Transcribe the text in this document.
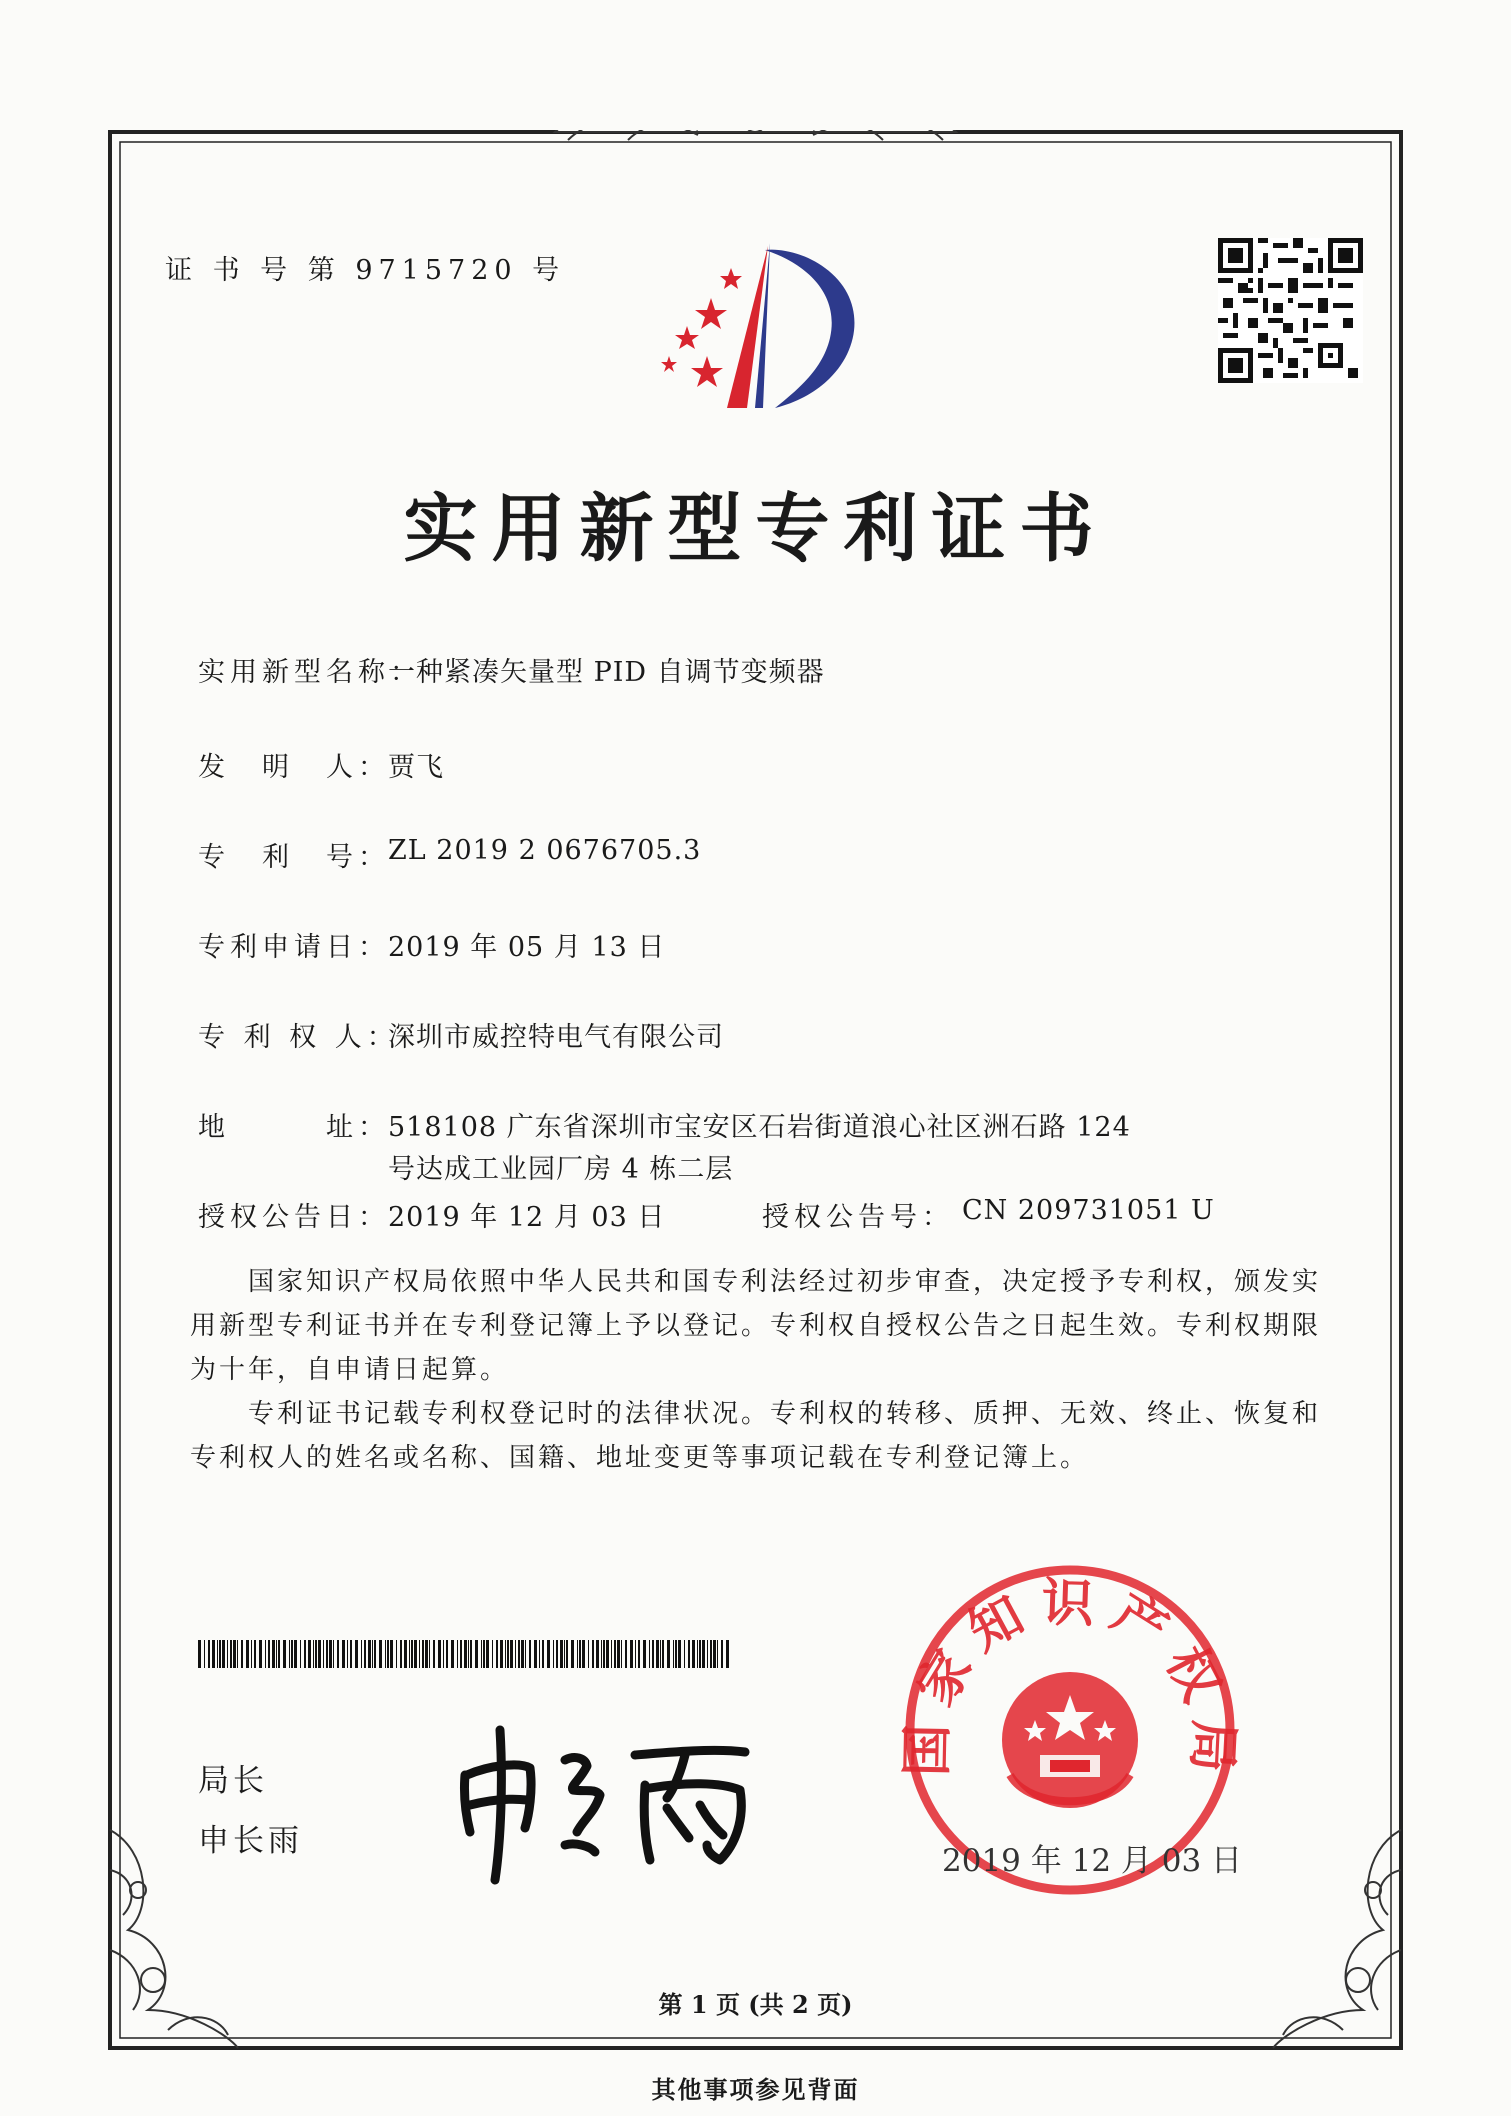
证 书 号 第 9715720 号
实用新型专利证书
实用新型名称：
一种紧凑矢量型 PID 自调节变频器
发　明　人：
贾飞
专　利　号：
ZL 2019 2 0676705.3
专利申请日：
2019 年 05 月 13 日
专 利 权 人：
深圳市威控特电气有限公司
地　　　址：
518108 广东省深圳市宝安区石岩街道浪心社区洲石路 124
号达成工业园厂房 4 栋二层
授权公告日：
2019 年 12 月 03 日	授权公告号： CN 209731051 U

国家知识产权局依照中华人民共和国专利法经过初步审查，决定授予专利权，颁发实用新型专利证书并在专利登记簿上予以登记。专利权自授权公告之日起生效。专利权期限为十年，自申请日起算。

专利证书记载专利权登记时的法律状况。专利权的转移、质押、无效、终止、恢复和专利权人的姓名或名称、国籍、地址变更等事项记载在专利登记簿上。

局长
申长雨
国家知识产权局
2019 年 12 月 03 日
第 1 页 (共 2 页)
其他事项参见背面
